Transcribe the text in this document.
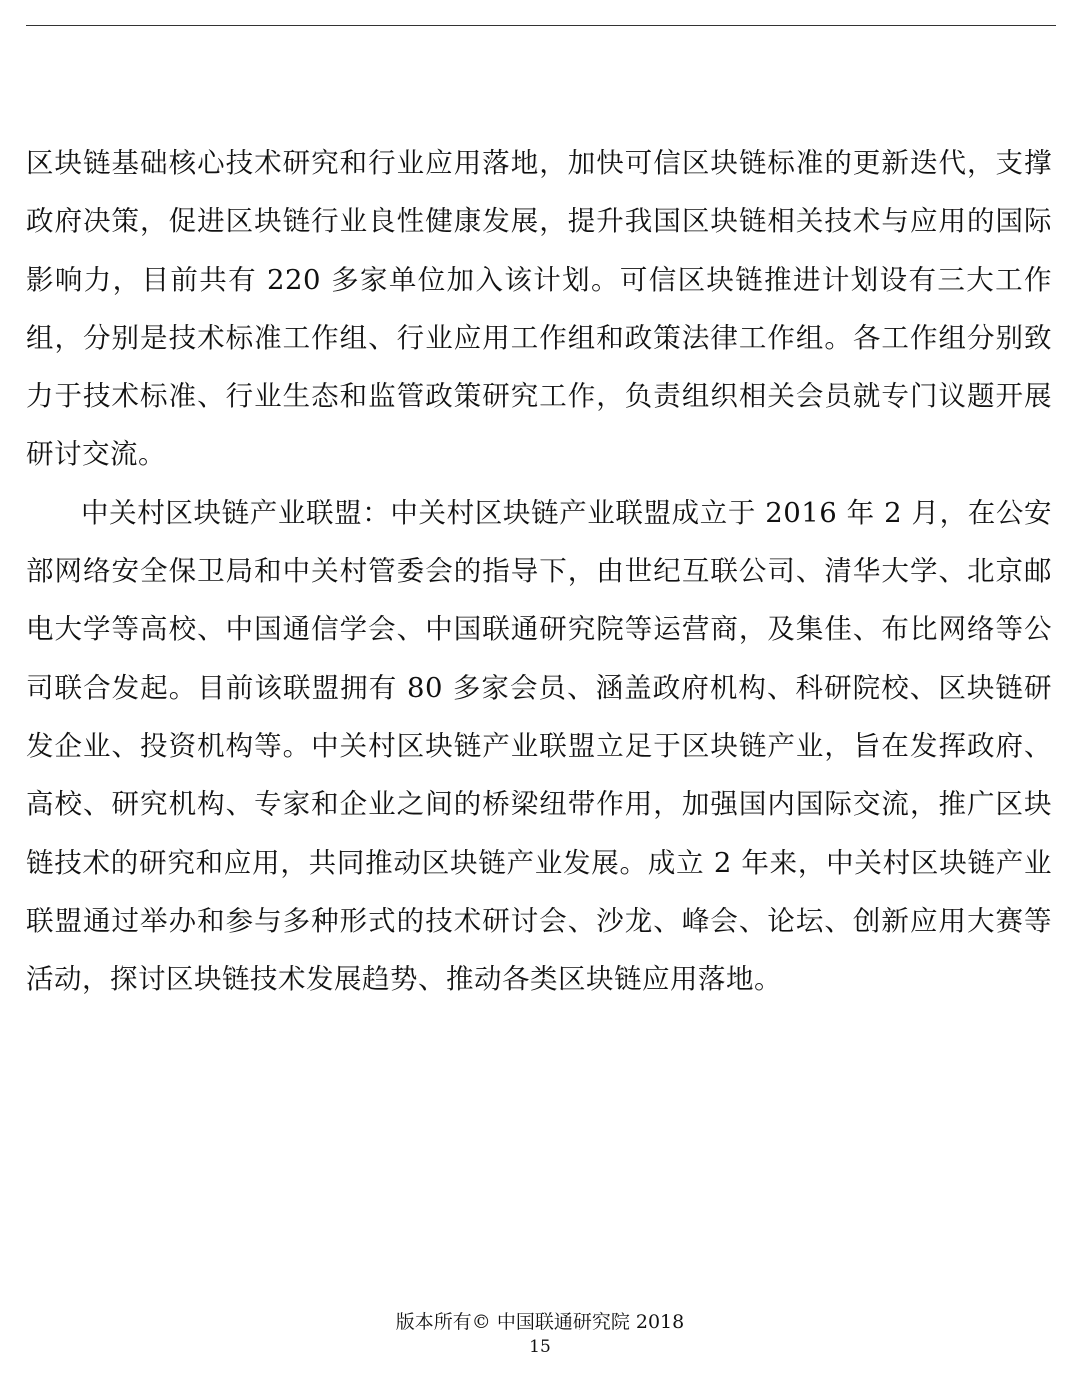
区块链基础核心技术研究和行业应用落地，加快可信区块链标准的更新迭代，支撑政府决策，促进区块链行业良性健康发展，提升我国区块链相关技术与应用的国际影响力，目前共有 220 多家单位加入该计划。可信区块链推进计划设有三大工作组，分别是技术标准工作组、行业应用工作组和政策法律工作组。各工作组分别致力于技术标准、行业生态和监管政策研究工作，负责组织相关会员就专门议题开展研讨交流。

中关村区块链产业联盟：中关村区块链产业联盟成立于 2016 年 2 月，在公安部网络安全保卫局和中关村管委会的指导下，由世纪互联公司、清华大学、北京邮电大学等高校、中国通信学会、中国联通研究院等运营商，及集佳、布比网络等公司联合发起。目前该联盟拥有 80 多家会员、涵盖政府机构、科研院校、区块链研发企业、投资机构等。中关村区块链产业联盟立足于区块链产业，旨在发挥政府、高校、研究机构、专家和企业之间的桥梁纽带作用，加强国内国际交流，推广区块链技术的研究和应用，共同推动区块链产业发展。成立 2 年来，中关村区块链产业联盟通过举办和参与多种形式的技术研讨会、沙龙、峰会、论坛、创新应用大赛等活动，探讨区块链技术发展趋势、推动各类区块链应用落地。

版本所有© 中国联通研究院 2018
15
